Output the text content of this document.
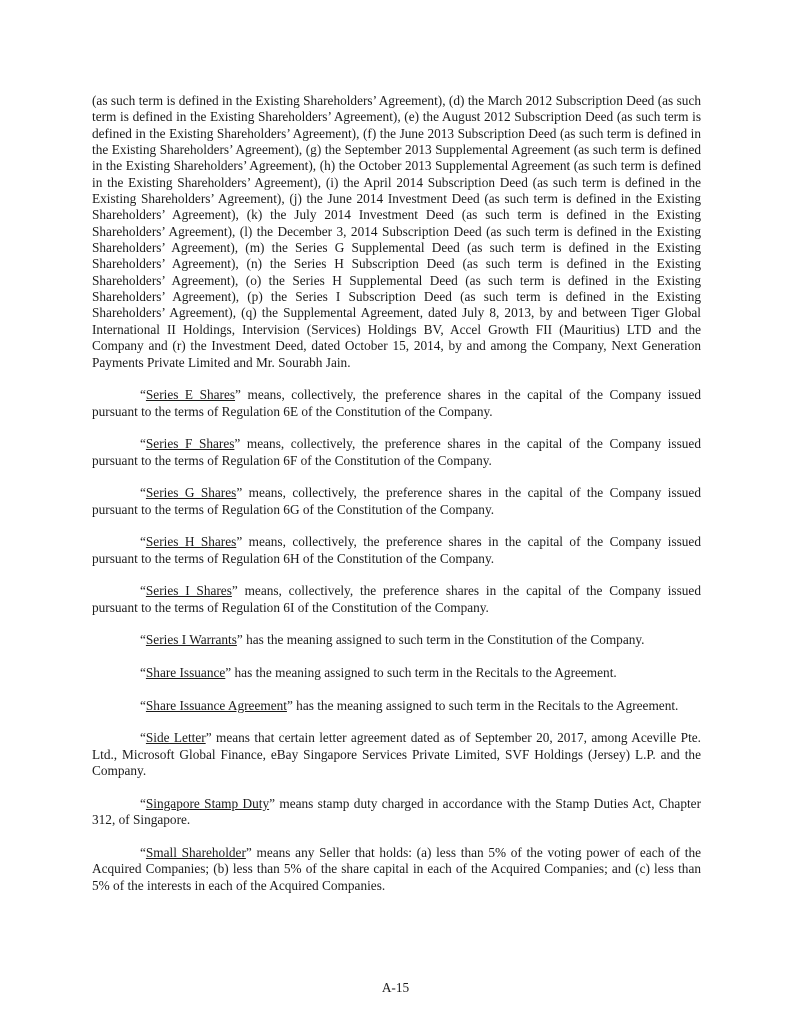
(as such term is defined in the Existing Shareholders’ Agreement), (d) the March 2012 Subscription Deed (as such term is defined in the Existing Shareholders’ Agreement), (e) the August 2012 Subscription Deed (as such term is defined in the Existing Shareholders’ Agreement), (f) the June 2013 Subscription Deed (as such term is defined in the Existing Shareholders’ Agreement), (g) the September 2013 Supplemental Agreement (as such term is defined in the Existing Shareholders’ Agreement), (h) the October 2013 Supplemental Agreement (as such term is defined in the Existing Shareholders’ Agreement), (i) the April 2014 Subscription Deed (as such term is defined in the Existing Shareholders’ Agreement), (j) the June 2014 Investment Deed (as such term is defined in the Existing Shareholders’ Agreement), (k) the July 2014 Investment Deed (as such term is defined in the Existing Shareholders’ Agreement), (l) the December 3, 2014 Subscription Deed (as such term is defined in the Existing Shareholders’ Agreement), (m) the Series G Supplemental Deed (as such term is defined in the Existing Shareholders’ Agreement), (n) the Series H Subscription Deed (as such term is defined in the Existing Shareholders’ Agreement), (o) the Series H Supplemental Deed (as such term is defined in the Existing Shareholders’ Agreement), (p) the Series I Subscription Deed (as such term is defined in the Existing Shareholders’ Agreement), (q) the Supplemental Agreement, dated July 8, 2013, by and between Tiger Global International II Holdings, Intervision (Services) Holdings BV, Accel Growth FII (Mauritius) LTD and the Company and (r) the Investment Deed, dated October 15, 2014, by and among the Company, Next Generation Payments Private Limited and Mr. Sourabh Jain.

“Series E Shares” means, collectively, the preference shares in the capital of the Company issued pursuant to the terms of Regulation 6E of the Constitution of the Company.

“Series F Shares” means, collectively, the preference shares in the capital of the Company issued pursuant to the terms of Regulation 6F of the Constitution of the Company.

“Series G Shares” means, collectively, the preference shares in the capital of the Company issued pursuant to the terms of Regulation 6G of the Constitution of the Company.

“Series H Shares” means, collectively, the preference shares in the capital of the Company issued pursuant to the terms of Regulation 6H of the Constitution of the Company.

“Series I Shares” means, collectively, the preference shares in the capital of the Company issued pursuant to the terms of Regulation 6I of the Constitution of the Company.

“Series I Warrants” has the meaning assigned to such term in the Constitution of the Company.

“Share Issuance” has the meaning assigned to such term in the Recitals to the Agreement.

“Share Issuance Agreement” has the meaning assigned to such term in the Recitals to the Agreement.

“Side Letter” means that certain letter agreement dated as of September 20, 2017, among Aceville Pte. Ltd., Microsoft Global Finance, eBay Singapore Services Private Limited, SVF Holdings (Jersey) L.P. and the Company.

“Singapore Stamp Duty” means stamp duty charged in accordance with the Stamp Duties Act, Chapter 312, of Singapore.

“Small Shareholder” means any Seller that holds: (a) less than 5% of the voting power of each of the Acquired Companies; (b) less than 5% of the share capital in each of the Acquired Companies; and (c) less than 5% of the interests in each of the Acquired Companies.

A-15
